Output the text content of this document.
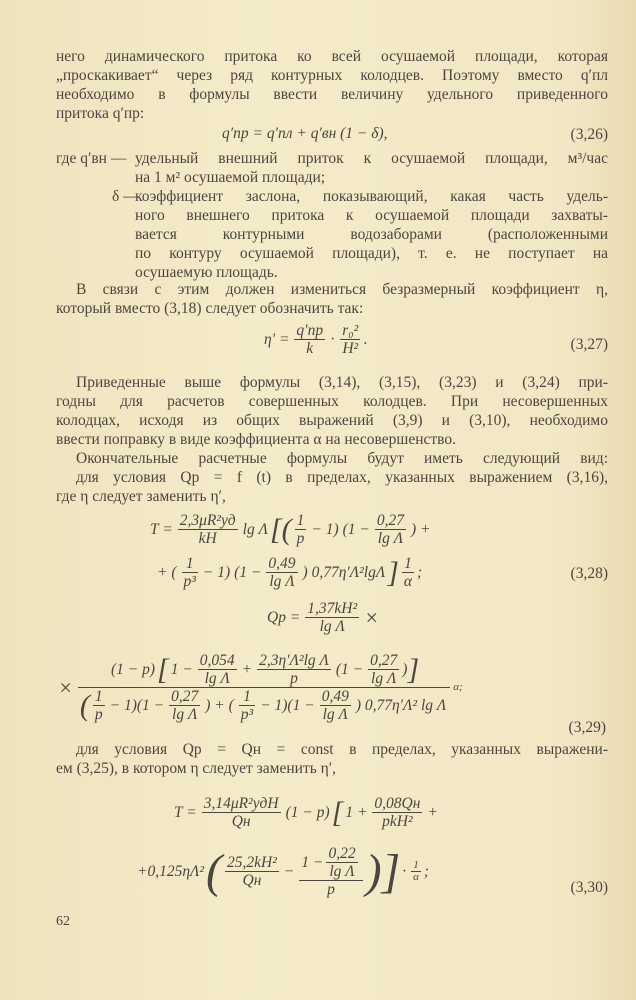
него динамического притока ко всей осушаемой площади, которая
„проскакивает“ через ряд контурных колодцев. Поэтому вместо q′пл
необходимо в формулы ввести величину удельного приведенного
притока q′пр:
q′пр = q′пл + q′вн (1 − δ),	(3,26)
где q′вн — удельный внешний приток к осушаемой площади, м³/час
на 1 м² осушаемой площади;
δ —
коэффициент заслона, показывающий, какая часть удель-
ного внешнего притока к осушаемой площади захваты-
вается контурными водозаборами (расположенными
по контуру осушаемой площади), т. е. не поступает на
осушаемую площадь.
В связи с этим должен измениться безразмерный коэффициент η,
который вместо (3,18) следует обозначить так:
η′ = q′пр
k
· $\frac{\text{r₀²}}{\text{H²}}$ .	(3,27)
Приведенные выше формулы (3,14), (3,15), (3,23) и (3,24) при-
годны для расчетов совершенных колодцев. При несовершенных
колодцах, исходя из общих выражений (3,9) и (3,10), необходимо
ввести поправку в виде коэффициента α на несовершенство.
Окончательные расчетные формулы будут иметь следующий вид:
для условия Qр = f (t) в пределах, указанных выражением (3,16),
где η следует заменить η′,
T = 2,3μR²уд
kH
lg Λ [ ( $\frac{1}{p} - 1$) ($1 - \frac{0,27}{\text{lg Λ}}$ ) +
+ ( $\frac{1}{\text{p³}} - 1$) ($1 - \frac{0,49}{\text{lg Λ}}$ ) 0,77η′Λ²lgΛ ] $\frac{1}{\alpha}$ ;	(3,28)
Qр = $\frac{\text{1,37kH²}}{\text{lg Λ}}$ ×
×
(1 − p) [ $1 - \frac{0,054}{\text{lg Λ}} + \frac{\text{2,3η′Λ²lg Λ}}{p} (1 - \frac{0,27}{\text{lg Λ}}$ ) ]
( $\frac{1}{p} - 1)(1 - \frac{0,27}{\text{lg Λ}}$ ) + ( $\frac{1}{\text{p³}} - 1)(1 - \frac{0,49}{\text{lg Λ}}$ ) 0,77η′Λ² lg Λ
α;
(3,29)
для условия Qр = Qн = const в пределах, указанных выражени-
ем (3,25), в котором η следует заменить η′,
T = 3,14μR²удH
Qн
(1 − p) [ 1 + 0,08Qн
pkH²
+
+0,125ηΛ² ( 25,2kH²
Qн
− $\frac{1 - \frac{0,22}{\text{lg Λ}}}{p}$ ) ] · $\frac{1}{\alpha}$ ;
(3,30)
62
